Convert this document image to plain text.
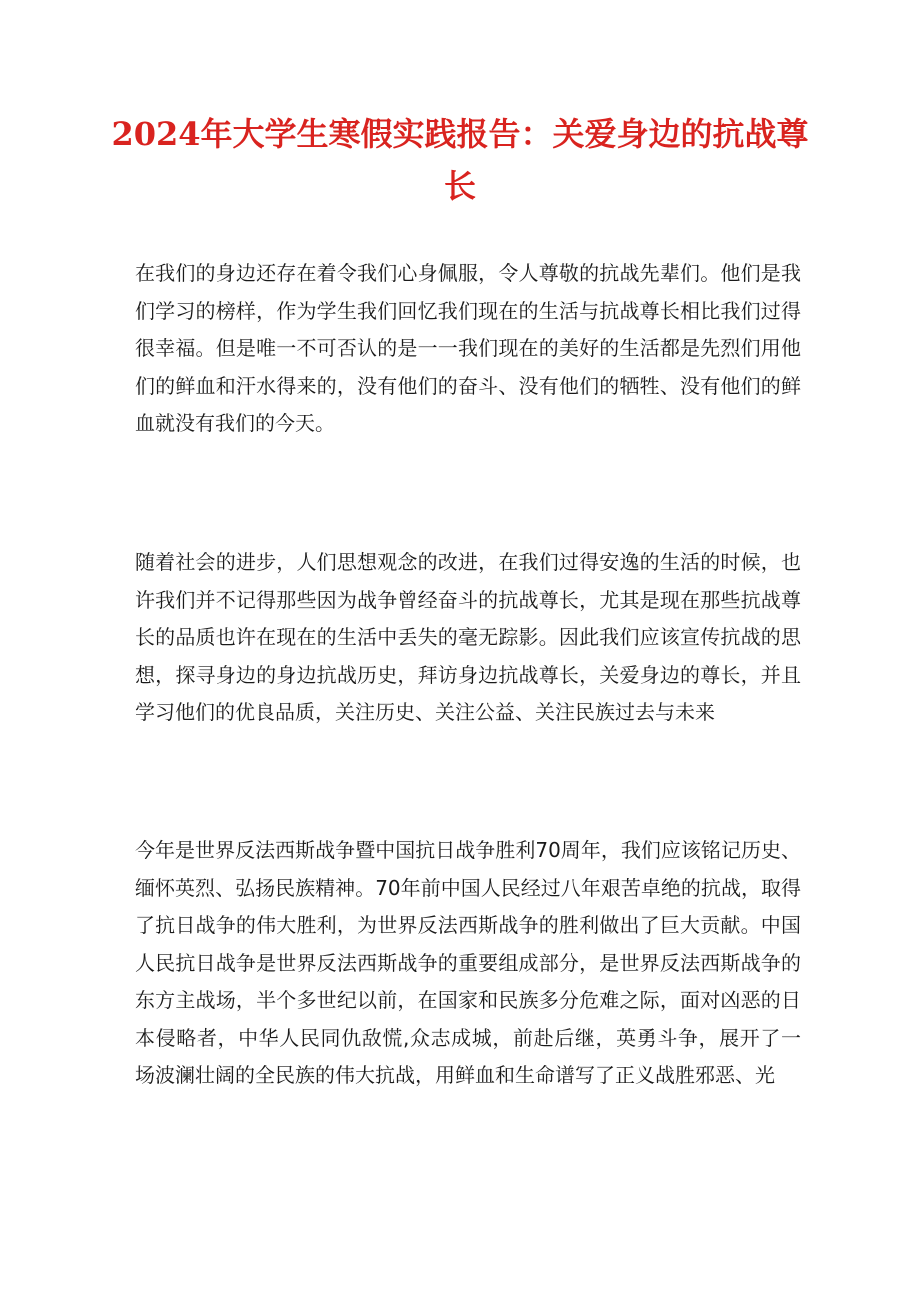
2024年大学生寒假实践报告：关爱身边的抗战尊长

在我们的身边还存在着令我们心身佩服，令人尊敬的抗战先辈们。他们是我们学习的榜样，作为学生我们回忆我们现在的生活与抗战尊长相比我们过得很幸福。但是唯一不可否认的是一一我们现在的美好的生活都是先烈们用他们的鲜血和汗水得来的，没有他们的奋斗、没有他们的牺牲、没有他们的鲜血就没有我们的今天。

随着社会的进步，人们思想观念的改进，在我们过得安逸的生活的时候，也许我们并不记得那些因为战争曾经奋斗的抗战尊长，尤其是现在那些抗战尊长的品质也许在现在的生活中丢失的毫无踪影。因此我们应该宣传抗战的思想，探寻身边的身边抗战历史，拜访身边抗战尊长，关爱身边的尊长，并且学习他们的优良品质，关注历史、关注公益、关注民族过去与未来

今年是世界反法西斯战争暨中国抗日战争胜利70周年，我们应该铭记历史、缅怀英烈、弘扬民族精神。70年前中国人民经过八年艰苦卓绝的抗战，取得了抗日战争的伟大胜利，为世界反法西斯战争的胜利做出了巨大贡献。中国人民抗日战争是世界反法西斯战争的重要组成部分，是世界反法西斯战争的东方主战场，半个多世纪以前，在国家和民族多分危难之际，面对凶恶的日本侵略者，中华人民同仇敌慌,众志成城，前赴后继，英勇斗争，展开了一场波澜壮阔的全民族的伟大抗战，用鲜血和生命谱写了正义战胜邪恶、光
